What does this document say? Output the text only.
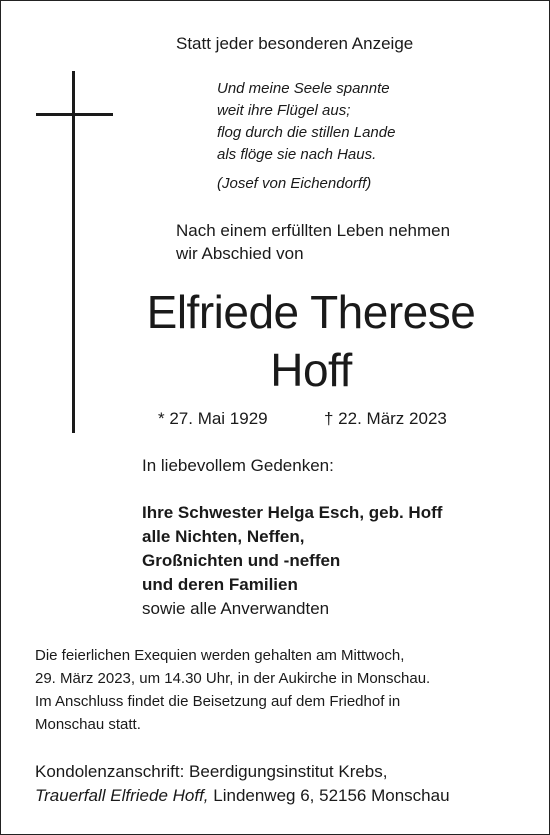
Statt jeder besonderen Anzeige
Und meine Seele spannte
weit ihre Flügel aus;
flog durch die stillen Lande
als flöge sie nach Haus.
(Josef von Eichendorff)
Nach einem erfüllten Leben nehmen
wir Abschied von
Elfriede Therese
Hoff
* 27. Mai 1929	† 22. März 2023
In liebevollem Gedenken:
Ihre Schwester Helga Esch, geb. Hoff
alle Nichten, Neffen,
Großnichten und -neffen
und deren Familien
sowie alle Anverwandten
Die feierlichen Exequien werden gehalten am Mittwoch,
29. März 2023, um 14.30 Uhr, in der Aukirche in Monschau.
Im Anschluss findet die Beisetzung auf dem Friedhof in
Monschau statt.
Kondolenzanschrift: Beerdigungsinstitut Krebs,
Trauerfall Elfriede Hoff, Lindenweg 6, 52156 Monschau
